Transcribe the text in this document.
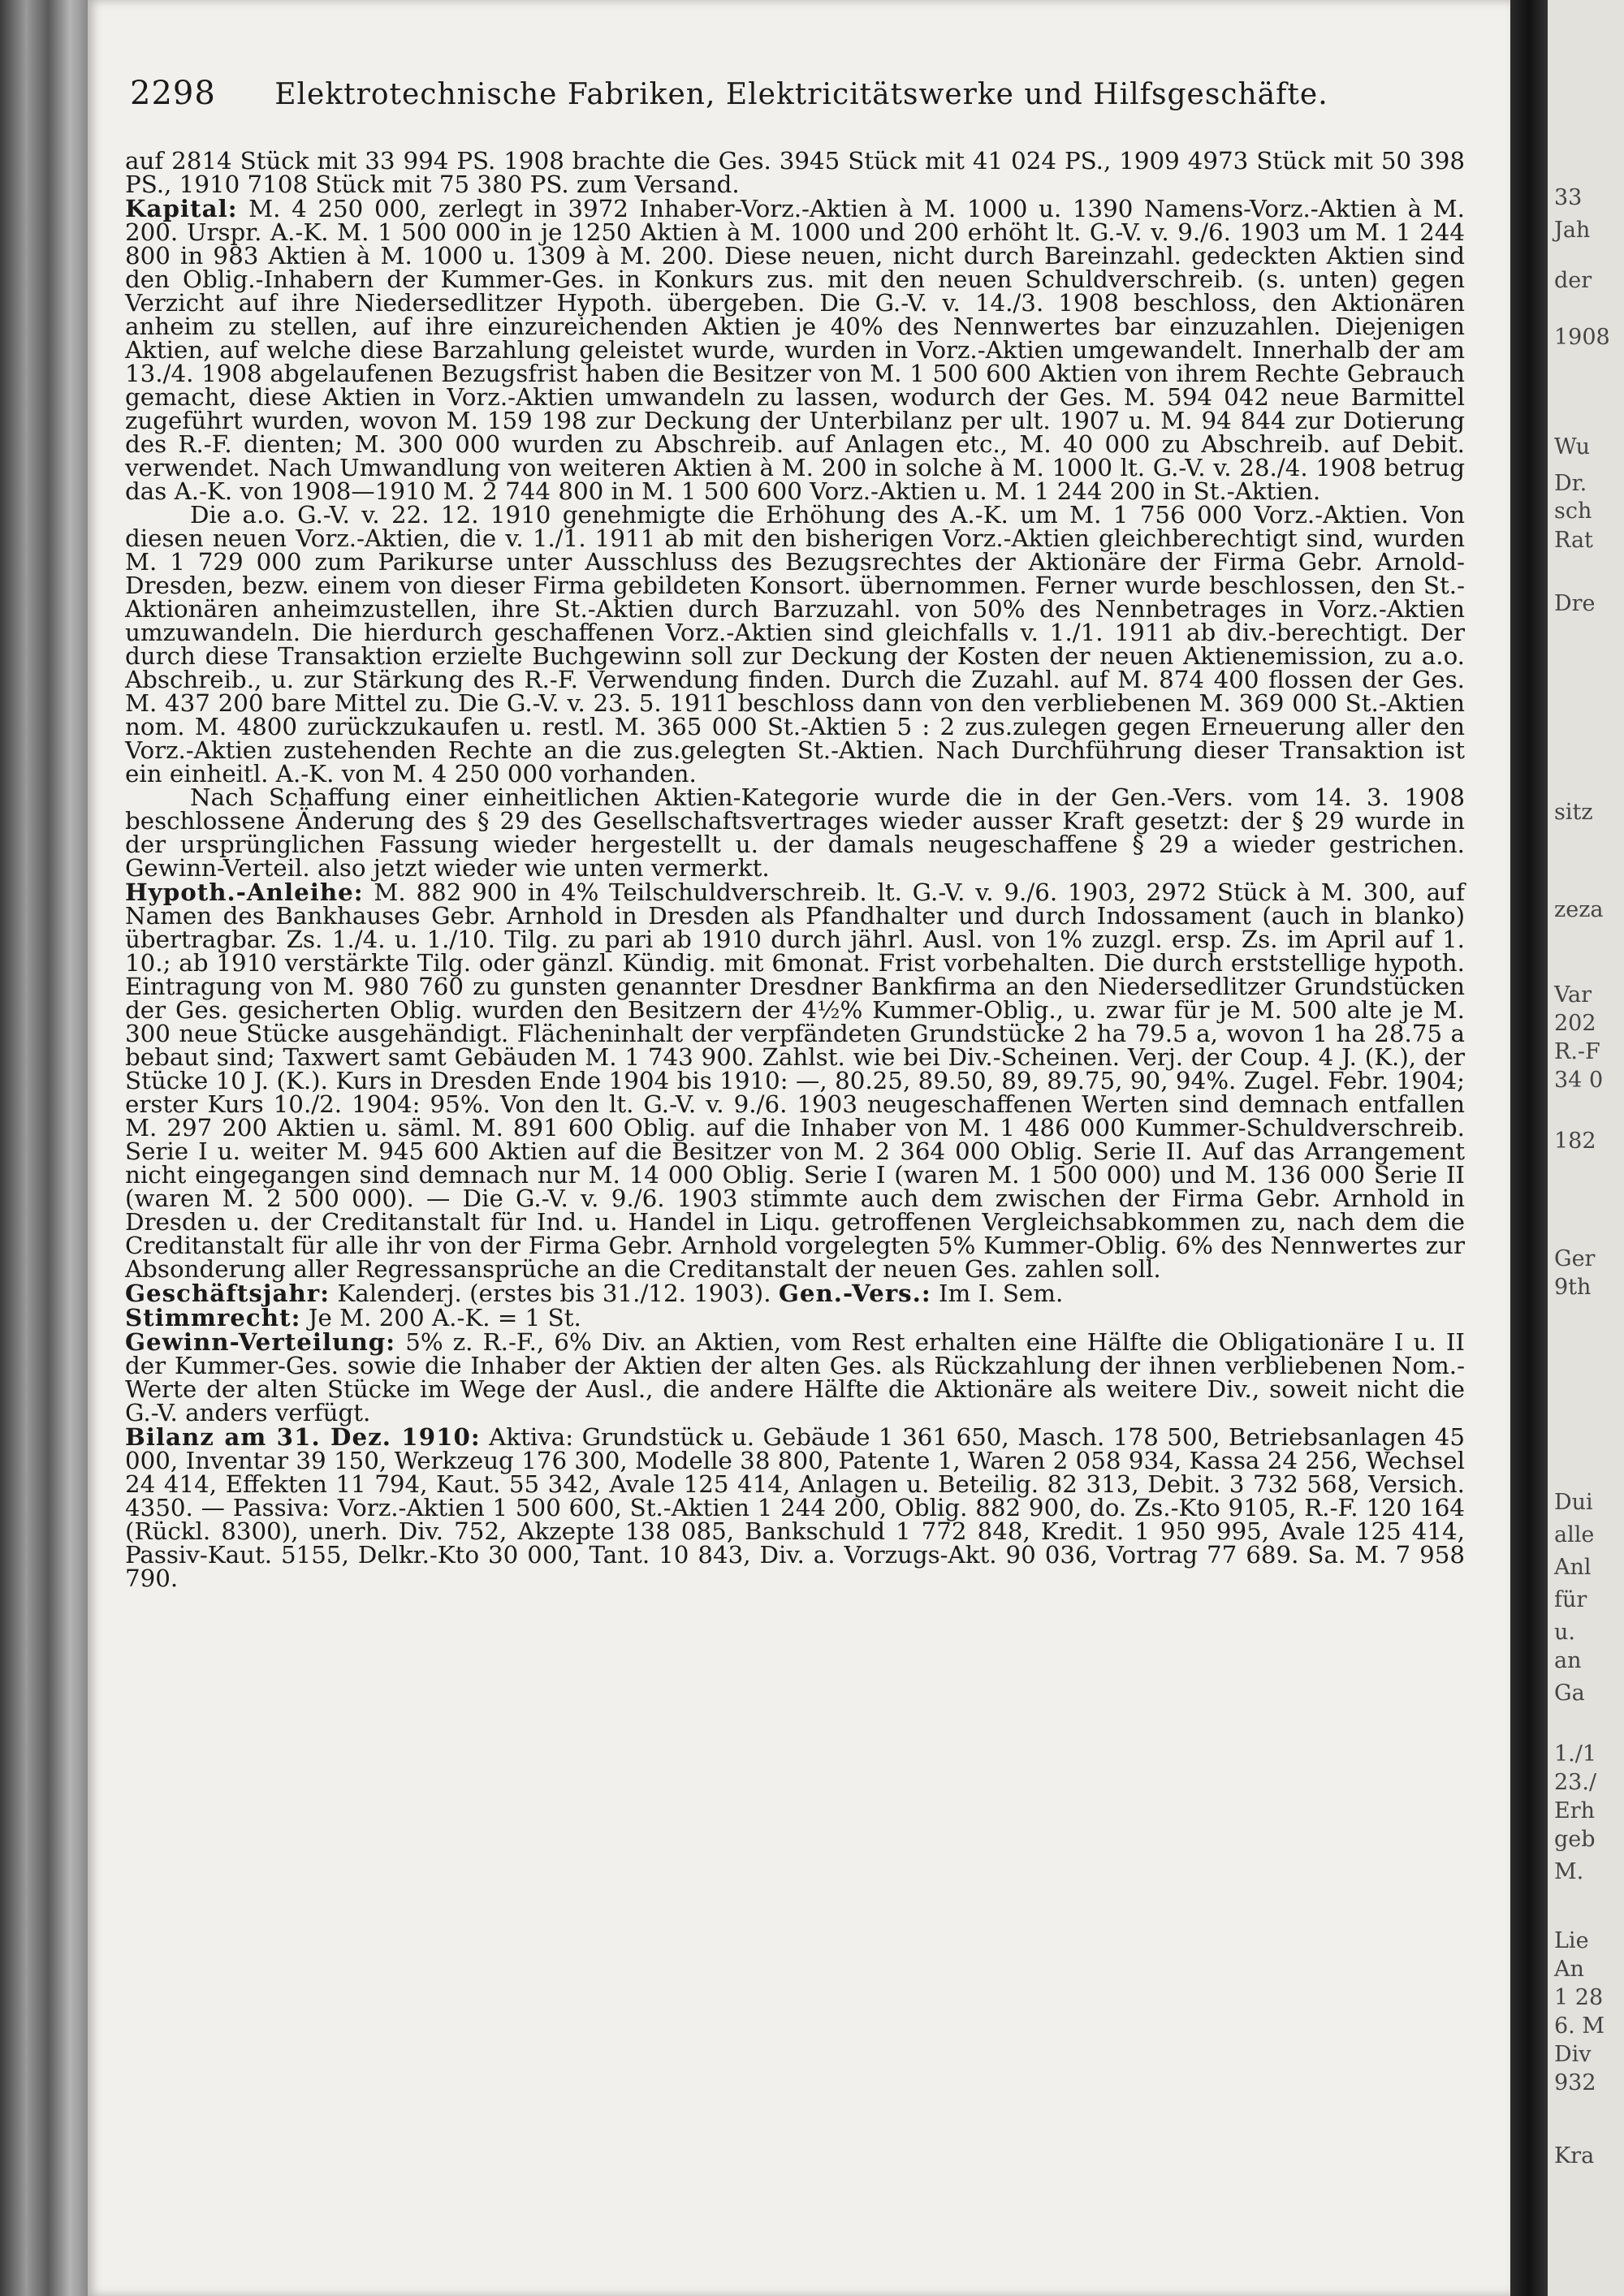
2298 Elektrotechnische Fabriken, Elektricitätswerke und Hilfsgeschäfte.

auf 2814 Stück mit 33 994 PS. 1908 brachte die Ges. 3945 Stück mit 41 024 PS., 1909 4973 Stück mit 50 398 PS., 1910 7108 Stück mit 75 380 PS. zum Versand.

Kapital: M. 4 250 000, zerlegt in 3972 Inhaber-Vorz.-Aktien à M. 1000 u. 1390 Namens-Vorz.-Aktien à M. 200. Urspr. A.-K. M. 1 500 000 in je 1250 Aktien à M. 1000 und 200 erhöht lt. G.-V. v. 9./6. 1903 um M. 1 244 800 in 983 Aktien à M. 1000 u. 1309 à M. 200. Diese neuen, nicht durch Bareinzahl. gedeckten Aktien sind den Oblig.-Inhabern der Kummer-Ges. in Konkurs zus. mit den neuen Schuldverschreib. (s. unten) gegen Verzicht auf ihre Niedersedlitzer Hypoth. übergeben. Die G.-V. v. 14./3. 1908 beschloss, den Aktionären anheim zu stellen, auf ihre einzureichenden Aktien je 40% des Nennwertes bar einzuzahlen. Diejenigen Aktien, auf welche diese Barzahlung geleistet wurde, wurden in Vorz.-Aktien umgewandelt. Innerhalb der am 13./4. 1908 abgelaufenen Bezugsfrist haben die Besitzer von M. 1 500 600 Aktien von ihrem Rechte Gebrauch gemacht, diese Aktien in Vorz.-Aktien umwandeln zu lassen, wodurch der Ges. M. 594 042 neue Barmittel zugeführt wurden, wovon M. 159 198 zur Deckung der Unterbilanz per ult. 1907 u. M. 94 844 zur Dotierung des R.-F. dienten; M. 300 000 wurden zu Abschreib. auf Anlagen etc., M. 40 000 zu Abschreib. auf Debit. verwendet. Nach Umwandlung von weiteren Aktien à M. 200 in solche à M. 1000 lt. G.-V. v. 28./4. 1908 betrug das A.-K. von 1908—1910 M. 2 744 800 in M. 1 500 600 Vorz.-Aktien u. M. 1 244 200 in St.-Aktien.

Die a.o. G.-V. v. 22. 12. 1910 genehmigte die Erhöhung des A.-K. um M. 1 756 000 Vorz.-Aktien. Von diesen neuen Vorz.-Aktien, die v. 1./1. 1911 ab mit den bisherigen Vorz.-Aktien gleichberechtigt sind, wurden M. 1 729 000 zum Parikurse unter Ausschluss des Bezugsrechtes der Aktionäre der Firma Gebr. Arnold-Dresden, bezw. einem von dieser Firma gebildeten Konsort. übernommen. Ferner wurde beschlossen, den St.-Aktionären anheimzustellen, ihre St.-Aktien durch Barzuzahl. von 50% des Nennbetrages in Vorz.-Aktien umzuwandeln. Die hierdurch geschaffenen Vorz.-Aktien sind gleichfalls v. 1./1. 1911 ab div.-berechtigt. Der durch diese Transaktion erzielte Buchgewinn soll zur Deckung der Kosten der neuen Aktienemission, zu a.o. Abschreib., u. zur Stärkung des R.-F. Verwendung finden. Durch die Zuzahl. auf M. 874 400 flossen der Ges. M. 437 200 bare Mittel zu. Die G.-V. v. 23. 5. 1911 beschloss dann von den verbliebenen M. 369 000 St.-Aktien nom. M. 4800 zurückzukaufen u. restl. M. 365 000 St.-Aktien 5 : 2 zus.zulegen gegen Erneuerung aller den Vorz.-Aktien zustehenden Rechte an die zus.gelegten St.-Aktien. Nach Durchführung dieser Transaktion ist ein einheitl. A.-K. von M. 4 250 000 vorhanden.

Nach Schaffung einer einheitlichen Aktien-Kategorie wurde die in der Gen.-Vers. vom 14. 3. 1908 beschlossene Änderung des § 29 des Gesellschaftsvertrages wieder ausser Kraft gesetzt: der § 29 wurde in der ursprünglichen Fassung wieder hergestellt u. der damals neugeschaffene § 29 a wieder gestrichen. Gewinn-Verteil. also jetzt wieder wie unten vermerkt.

Hypoth.-Anleihe: M. 882 900 in 4% Teilschuldverschreib. lt. G.-V. v. 9./6. 1903, 2972 Stück à M. 300, auf Namen des Bankhauses Gebr. Arnhold in Dresden als Pfandhalter und durch Indossament (auch in blanko) übertragbar. Zs. 1./4. u. 1./10. Tilg. zu pari ab 1910 durch jährl. Ausl. von 1% zuzgl. ersp. Zs. im April auf 1. 10.; ab 1910 verstärkte Tilg. oder gänzl. Kündig. mit 6monat. Frist vorbehalten. Die durch erststellige hypoth. Eintragung von M. 980 760 zu gunsten genannter Dresdner Bankfirma an den Niedersedlitzer Grundstücken der Ges. gesicherten Oblig. wurden den Besitzern der 4½% Kummer-Oblig., u. zwar für je M. 500 alte je M. 300 neue Stücke ausgehändigt. Flächeninhalt der verpfändeten Grundstücke 2 ha 79.5 a, wovon 1 ha 28.75 a bebaut sind; Taxwert samt Gebäuden M. 1 743 900. Zahlst. wie bei Div.-Scheinen. Verj. der Coup. 4 J. (K.), der Stücke 10 J. (K.). Kurs in Dresden Ende 1904 bis 1910: —, 80.25, 89.50, 89, 89.75, 90, 94%. Zugel. Febr. 1904; erster Kurs 10./2. 1904: 95%. Von den lt. G.-V. v. 9./6. 1903 neugeschaffenen Werten sind demnach entfallen M. 297 200 Aktien u. säml. M. 891 600 Oblig. auf die Inhaber von M. 1 486 000 Kummer-Schuldverschreib. Serie I u. weiter M. 945 600 Aktien auf die Besitzer von M. 2 364 000 Oblig. Serie II. Auf das Arrangement nicht eingegangen sind demnach nur M. 14 000 Oblig. Serie I (waren M. 1 500 000) und M. 136 000 Serie II (waren M. 2 500 000). — Die G.-V. v. 9./6. 1903 stimmte auch dem zwischen der Firma Gebr. Arnhold in Dresden u. der Creditanstalt für Ind. u. Handel in Liqu. getroffenen Vergleichsabkommen zu, nach dem die Creditanstalt für alle ihr von der Firma Gebr. Arnhold vorgelegten 5% Kummer-Oblig. 6% des Nennwertes zur Absonderung aller Regressansprüche an die Creditanstalt der neuen Ges. zahlen soll.

Geschäftsjahr: Kalenderj. (erstes bis 31./12. 1903). Gen.-Vers.: Im I. Sem.

Stimmrecht: Je M. 200 A.-K. = 1 St.

Gewinn-Verteilung: 5% z. R.-F., 6% Div. an Aktien, vom Rest erhalten eine Hälfte die Obligationäre I u. II der Kummer-Ges. sowie die Inhaber der Aktien der alten Ges. als Rückzahlung der ihnen verbliebenen Nom.-Werte der alten Stücke im Wege der Ausl., die andere Hälfte die Aktionäre als weitere Div., soweit nicht die G.-V. anders verfügt.

Bilanz am 31. Dez. 1910: Aktiva: Grundstück u. Gebäude 1 361 650, Masch. 178 500, Betriebsanlagen 45 000, Inventar 39 150, Werkzeug 176 300, Modelle 38 800, Patente 1, Waren 2 058 934, Kassa 24 256, Wechsel 24 414, Effekten 11 794, Kaut. 55 342, Avale 125 414, Anlagen u. Beteilig. 82 313, Debit. 3 732 568, Versich. 4350. — Passiva: Vorz.-Aktien 1 500 600, St.-Aktien 1 244 200, Oblig. 882 900, do. Zs.-Kto 9105, R.-F. 120 164 (Rückl. 8300), unerh. Div. 752, Akzepte 138 085, Bankschuld 1 772 848, Kredit. 1 950 995, Avale 125 414, Passiv-Kaut. 5155, Delkr.-Kto 30 000, Tant. 10 843, Div. a. Vorzugs-Akt. 90 036, Vortrag 77 689. Sa. M. 7 958 790.

33
Jah
der
1908
Wu
Dr.
sch
Rat
Dre
sitz
zeza
Var
202
R.-F
34 0
182
Ger
9th
Dui
alle
Anl
für
u.
an
Ga
1./1
23./
Erh
geb
M.
Lie
An
1 28
6. M
Div
932
Kra
